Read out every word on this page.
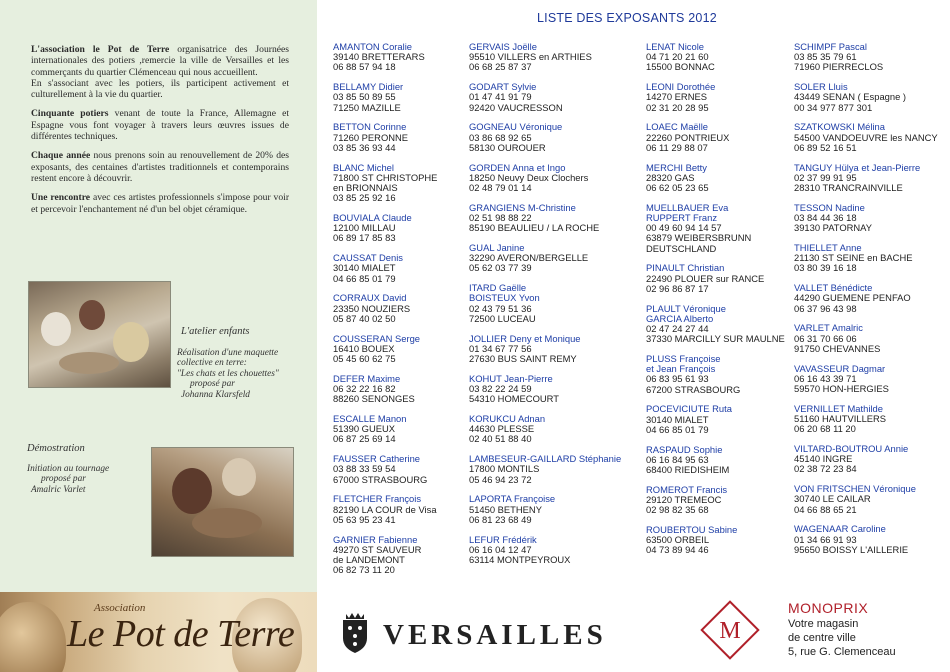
L'association le Pot de Terre organisatrice des Journées internationales des potiers ,remercie la ville de Versailles et les commerçants du quartier Clémenceau qui nous accueillent.
En s'associant avec les potiers, ils participent activement et culturellement à la vie du quartier.

Cinquante potiers venant de toute la France, Allemagne et Espagne vous font voyager à travers leurs œuvres issues de différentes techniques.

Chaque année nous prenons soin au renouvellement de 20% des exposants, des centaines d'artistes traditionnels et contemporains restent encore à découvrir.

Une rencontre avec ces artistes professionnels s'impose pour voir et percevoir l'enchantement né d'un bel objet céramique.

L'atelier enfants
Réalisation d'une maquette
collective en terre:
"Les chats et les chouettes"
proposé par
Johanna Klarsfeld
Démostration
Initiation au tournage
proposé par
Amalric Varlet
LISTE DES EXPOSANTS 2012
AMANTON Coralie
39140 BRETTERARS
06 88 57 94 18
BELLAMY Didier
03 85 50 89 55
71250 MAZILLE
BETTON Corinne
71260 PERONNE
03 85 36 93 44
BLANC Michel
71800 ST CHRISTOPHE
en BRIONNAIS
03 85 25 92 16
BOUVIALA Claude
12100 MILLAU
06 89 17 85 83
CAUSSAT Denis
30140 MIALET
04 66 85 01 79
CORRAUX David
23350 NOUZIERS
05 87 40 02 50
COUSSERAN Serge
16410 BOUEX
05 45 60 62 75
DEFER Maxime
06 32 22 16 82
88260 SENONGES
ESCALLE Manon
51390 GUEUX
06 87 25 69 14
FAUSSER Catherine
03 88 33 59 54
67000 STRASBOURG
FLETCHER François
82190 LA COUR de Visa
05 63 95 23 41
GARNIER Fabienne
49270 ST SAUVEUR
de LANDEMONT
06 82 73 11 20
GERVAIS Joëlle
95510 VILLERS en ARTHIES
06 68 25 87 37
GODART Sylvie
01 47 41 91 79
92420 VAUCRESSON
GOGNEAU Véronique
03 86 68 92 65
58130 OUROUER
GORDEN Anna et Ingo
18250 Neuvy Deux Clochers
02 48 79 01 14
GRANGIENS M-Christine
02 51 98 88 22
85190 BEAULIEU / LA ROCHE
GUAL Janine
32290 AVERON/BERGELLE
05 62 03 77 39
ITARD Gaëlle
BOISTEUX Yvon
02 43 79 51 36
72500 LUCEAU
JOLLIER Deny et Monique
01 34 67 77 56
27630 BUS SAINT REMY
KOHUT Jean-Pierre
03 82 22 24 59
54310 HOMECOURT
KORUKCU Adnan
44630 PLESSE
02 40 51 88 40
LAMBESEUR-GAILLARD Stéphanie
17800 MONTILS
05 46 94 23 72
LAPORTA Françoise
51450 BETHENY
06 81 23 68 49
LEFUR Frédérik
06 16 04 12 47
63114 MONTPEYROUX
LENAT Nicole
04 71 20 21 60
15500 BONNAC
LEONI Dorothée
14270 ERNES
02 31 20 28 95
LOAEC Maëlle
22260 PONTRIEUX
06 11 29 88 07
MERCHI Betty
28320 GAS
06 62 05 23 65
MUELLBAUER Eva
RUPPERT Franz
00 49 60 94 14 57
63879 WEIBERSBRUNN
DEUTSCHLAND
PINAULT Christian
22490 PLOUER sur RANCE
02 96 86 87 17
PLAULT Véronique
GARCIA Alberto
02 47 24 27 44
37330 MARCILLY SUR MAULNE
PLUSS Françoise
et Jean François
06 83 95 61 93
67200 STRASBOURG
POCEVICIUTE Ruta
30140 MIALET
04 66 85 01 79
RASPAUD Sophie
06 16 84 95 63
68400 RIEDISHEIM
ROMEROT Francis
29120 TREMEOC
02 98 82 35 68
ROUBERTOU Sabine
63500 ORBEIL
04 73 89 94 46
SCHIMPF Pascal
03 85 35 79 61
71960 PIERRECLOS
SOLER Lluis
43449 SENAN ( Espagne )
00 34 977 877 301
SZATKOWSKI Mélina
54500 VANDOEUVRE les NANCY
06 89 52 16 51
TANGUY Hülya et Jean-Pierre
02 37 99 91 95
28310 TRANCRAINVILLE
TESSON Nadine
03 84 44 36 18
39130 PATORNAY
THIELLET Anne
21130 ST SEINE en BACHE
03 80 39 16 18
VALLET Bénédicte
44290 GUEMENE PENFAO
06 37 96 43 98
VARLET Amalric
06 31 70 66 06
91750 CHEVANNES
VAVASSEUR Dagmar
06 16 43 39 71
59570 HON-HERGIES
VERNILLET Mathilde
51160 HAUTVILLERS
06 20 68 11 20
VILTARD-BOUTROU Annie
45140 INGRE
02 38 72 23 84
VON FRITSCHEN Véronique
30740 LE CAILAR
04 66 88 65 21
WAGENAAR Caroline
01 34 66 91 93
95650 BOISSY L'AILLERIE
Association
Le Pot de Terre	VERSAILLES	M
MONOPRIX
Votre magasin
de centre ville
5, rue G. Clemenceau
